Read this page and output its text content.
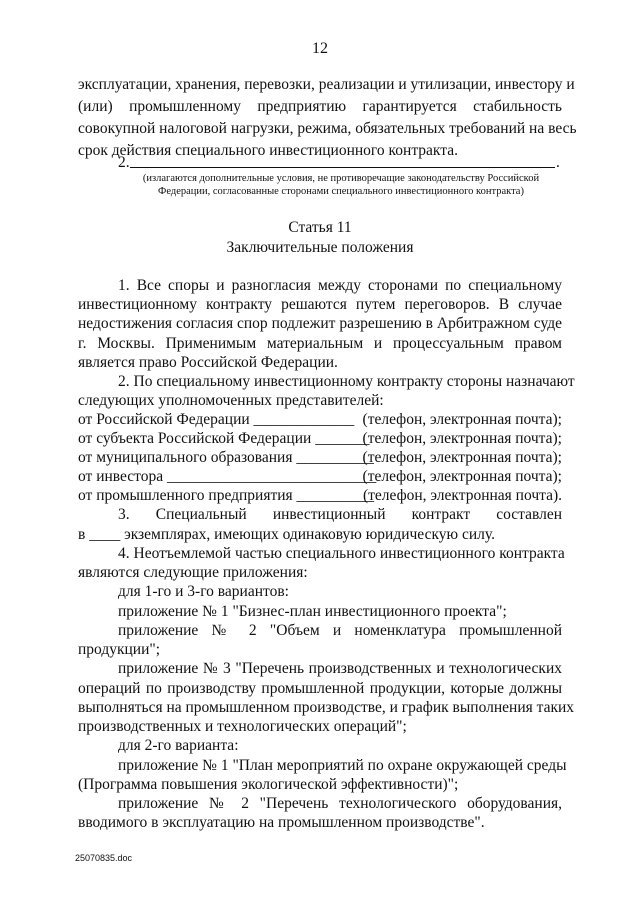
12
эксплуатации, хранения, перевозки, реализации и утилизации, инвестору и
(или) промышленному предприятию гарантируется стабильность
совокупной налоговой нагрузки, режима, обязательных требований на весь
срок действия специального инвестиционного контракта.
2.	.
(излагаются дополнительные условия, не противоречащие законодательству Российской
Федерации, согласованные сторонами специального инвестиционного контракта)
Статья 11
Заключительные положения
1. Все споры и разногласия между сторонами по специальному
инвестиционному контракту решаются путем переговоров. В случае
недостижения согласия спор подлежит разрешению в Арбитражном суде
г. Москвы. Применимым материальным и процессуальным правом
является право Российской Федерации.
2. По специальному инвестиционному контракту стороны назначают
следующих уполномоченных представителей:
от Российской Федерации _____________ (телефон, электронная почта);
от субъекта Российской Федерации _______
(телефон, электронная почта);
от муниципального образования __________
(телефон, электронная почта);
от инвестора ___________________________
(телефон, электронная почта);
от промышленного предприятия __________
(телефон, электронная почта).
3. Специальный инвестиционный контракт составлен
в ____ экземплярах, имеющих одинаковую юридическую силу.
4. Неотъемлемой частью специального инвестиционного контракта
являются следующие приложения:
для 1-го и 3-го вариантов:
приложение № 1 "Бизнес-план инвестиционного проекта";
приложение № 2 "Объем и номенклатура промышленной
продукции";
приложение № 3 "Перечень производственных и технологических
операций по производству промышленной продукции, которые должны
выполняться на промышленном производстве, и график выполнения таких
производственных и технологических операций";
для 2-го варианта:
приложение № 1 "План мероприятий по охране окружающей среды
(Программа повышения экологической эффективности)";
приложение № 2 "Перечень технологического оборудования,
вводимого в эксплуатацию на промышленном производстве".
25070835.doc
